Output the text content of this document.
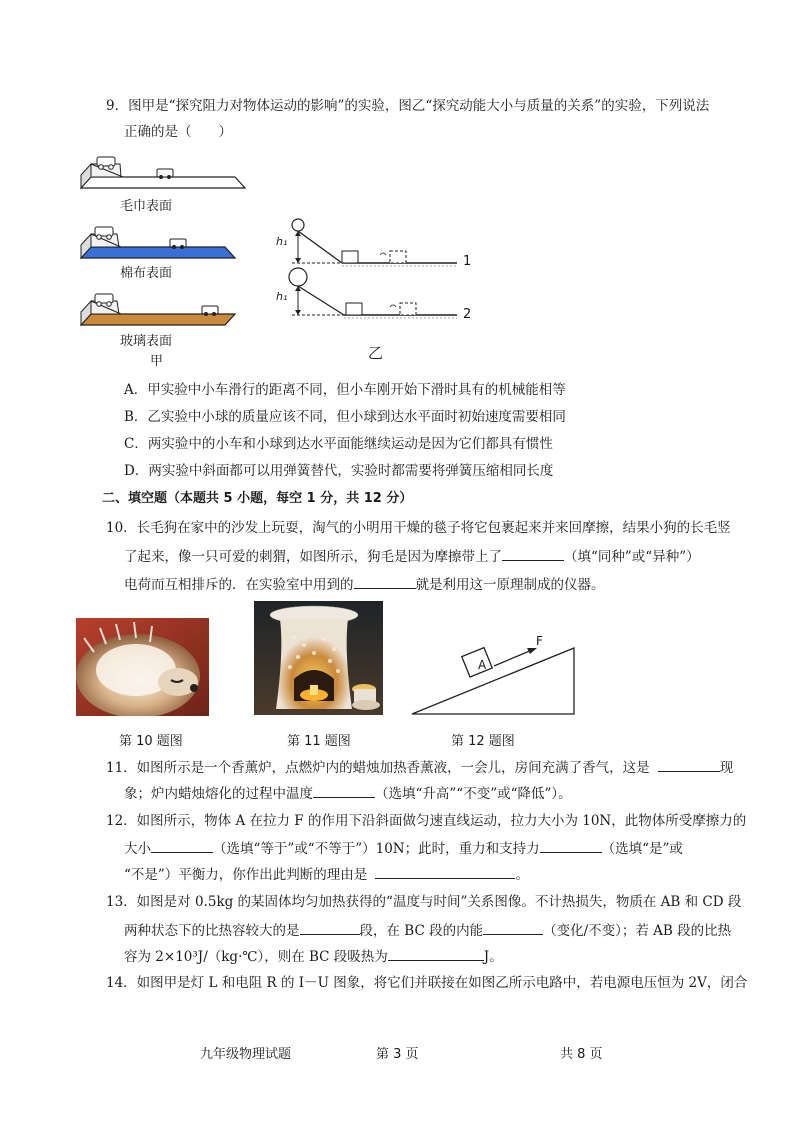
9．图甲是“探究阻力对物体运动的影响”的实验，图乙“探究动能大小与质量的关系”的实验，下列说法
正确的是（　　）
毛巾表面
棉布表面
玻璃表面
甲
h₁
h₁
1
2
乙
A．甲实验中小车滑行的距离不同，但小车刚开始下滑时具有的机械能相等
B．乙实验中小球的质量应该不同，但小球到达水平面时初始速度需要相同
C．两实验中的小车和小球到达水平面能继续运动是因为它们都具有惯性
D．两实验中斜面都可以用弹簧替代，实验时都需要将弹簧压缩相同长度
二、填空题（本题共 5 小题，每空 1 分，共 12 分）
10．长毛狗在家中的沙发上玩耍，淘气的小明用干燥的毯子将它包裹起来并来回摩擦，结果小狗的长毛竖
了起来，像一只可爱的刺猬，如图所示，狗毛是因为摩擦带上了	（填“同种”或“异种”）
电荷而互相排斥的．在实验室中用到的	就是利用这一原理制成的仪器。
第 10 题图	第 11 题图
A
F
第 12 题图
11．如图所示是一个香薰炉，点燃炉内的蜡烛加热香薰液，一会儿，房间充满了香气，这是	现
象；炉内蜡烛熔化的过程中温度	（选填“升高”“不变”或“降低”）。
12．如图所示，物体 A 在拉力 F 的作用下沿斜面做匀速直线运动，拉力大小为 10N，此物体所受摩擦力的
大小	（选填“等于”或“不等于”）10N；此时，重力和支持力	（选填“是”或
“不是”）平衡力，你作出此判断的理由是	。
13．如图是对 0.5kg 的某固体均匀加热获得的“温度与时间”关系图像。不计热损失，物质在 AB 和 CD 段
两种状态下的比热容较大的是	段，在 BC 段的内能	（变化/不变）；若 AB 段的比热
容为 2×10³J/（kg·℃），则在 BC 段吸热为	J。
14．如图甲是灯 L 和电阻 R 的 I－U 图象，将它们并联接在如图乙所示电路中，若电源电压恒为 2V，闭合
九年级物理试题	第 3 页	共 8 页
